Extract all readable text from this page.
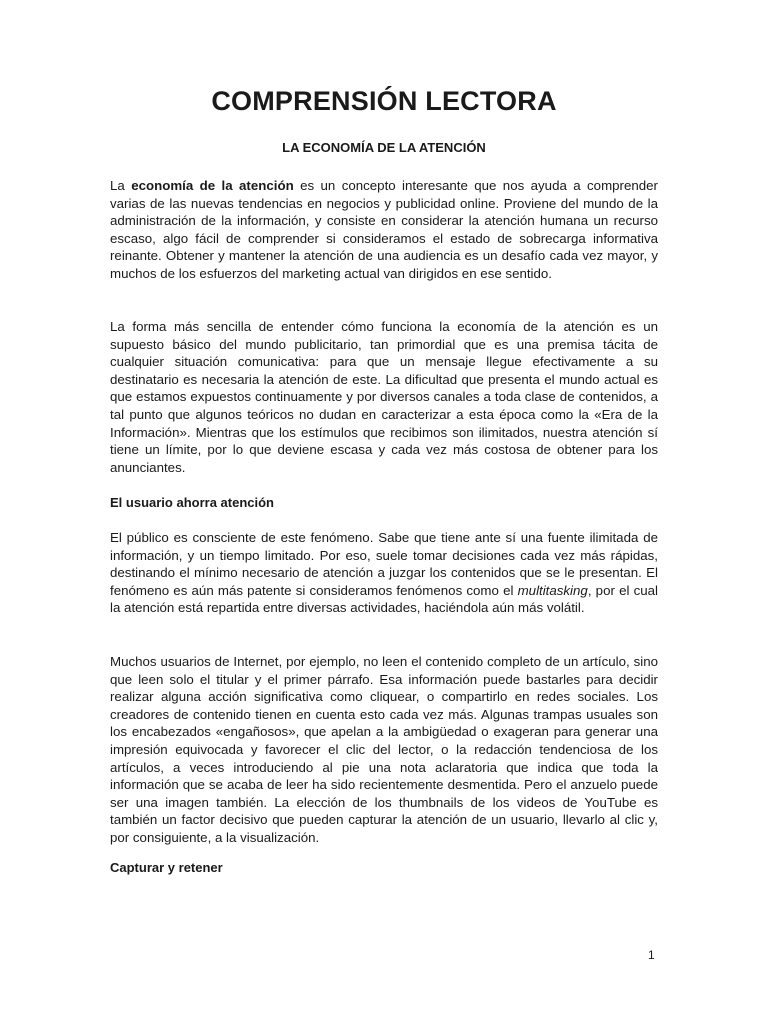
COMPRENSIÓN LECTORA
LA ECONOMÍA DE LA ATENCIÓN

La economía de la atención es un concepto interesante que nos ayuda a comprender varias de las nuevas tendencias en negocios y publicidad online. Proviene del mundo de la administración de la información, y consiste en considerar la atención humana un recurso escaso, algo fácil de comprender si consideramos el estado de sobrecarga informativa reinante. Obtener y mantener la atención de una audiencia es un desafío cada vez mayor, y muchos de los esfuerzos del marketing actual van dirigidos en ese sentido.

La forma más sencilla de entender cómo funciona la economía de la atención es un supuesto básico del mundo publicitario, tan primordial que es una premisa tácita de cualquier situación comunicativa: para que un mensaje llegue efectivamente a su destinatario es necesaria la atención de este. La dificultad que presenta el mundo actual es que estamos expuestos continuamente y por diversos canales a toda clase de contenidos, a tal punto que algunos teóricos no dudan en caracterizar a esta época como la «Era de la Información». Mientras que los estímulos que recibimos son ilimitados, nuestra atención sí tiene un límite, por lo que deviene escasa y cada vez más costosa de obtener para los anunciantes.

El usuario ahorra atención

El público es consciente de este fenómeno. Sabe que tiene ante sí una fuente ilimitada de información, y un tiempo limitado. Por eso, suele tomar decisiones cada vez más rápidas, destinando el mínimo necesario de atención a juzgar los contenidos que se le presentan. El fenómeno es aún más patente si consideramos fenómenos como el multitasking, por el cual la atención está repartida entre diversas actividades, haciéndola aún más volátil.

Muchos usuarios de Internet, por ejemplo, no leen el contenido completo de un artículo, sino que leen solo el titular y el primer párrafo. Esa información puede bastarles para decidir realizar alguna acción significativa como cliquear, o compartirlo en redes sociales. Los creadores de contenido tienen en cuenta esto cada vez más. Algunas trampas usuales son los encabezados «engañosos», que apelan a la ambigüedad o exageran para generar una impresión equivocada y favorecer el clic del lector, o la redacción tendenciosa de los artículos, a veces introduciendo al pie una nota aclaratoria que indica que toda la información que se acaba de leer ha sido recientemente desmentida. Pero el anzuelo puede ser una imagen también. La elección de los thumbnails de los videos de YouTube es también un factor decisivo que pueden capturar la atención de un usuario, llevarlo al clic y, por consiguiente, a la visualización.

Capturar y retener

1
